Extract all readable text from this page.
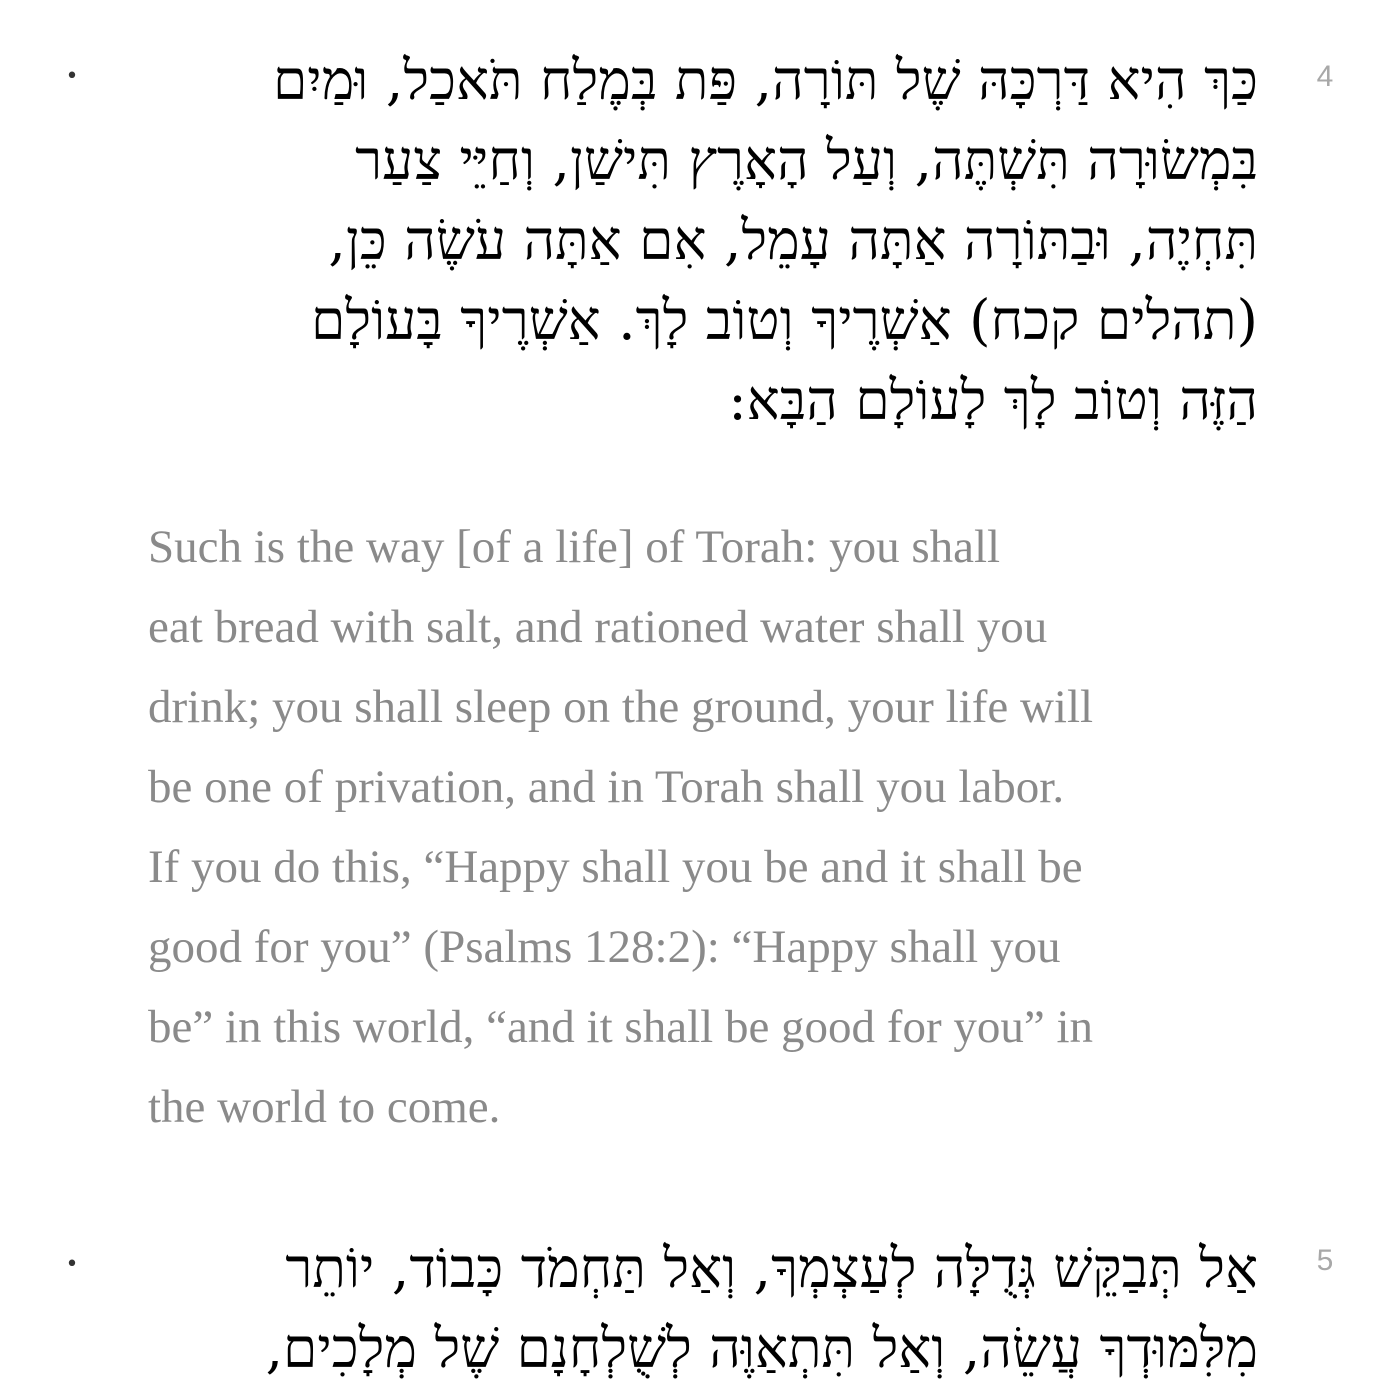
•	4
כַּךְ הִיא דַּרְכָּהּ שֶׁל תּוֹרָה, פַּת בְּמֶלַח תֹּאכַל, וּמַיִם
בִּמְשׂוּרָה תִּשְׁתֶּה, וְעַל הָאָרֶץ תִּישַׁן, וְחַיֵּי צַעַר
תִּחְיֶה, וּבַתּוֹרָה אַתָּה עָמֵל, אִם אַתָּה עֹשֶׂה כֵּן,
(תהלים קכח) אַשְׁרֶיךָ וְטוֹב לָךְ. אַשְׁרֶיךָ בָּעוֹלָם
הַזֶּה וְטוֹב לָךְ לָעוֹלָם הַבָּא:
Such is the way [of a life] of Torah: you shall
eat bread with salt, and rationed water shall you
drink; you shall sleep on the ground, your life will
be one of privation, and in Torah shall you labor.
If you do this, “Happy shall you be and it shall be
good for you” (Psalms 128:2): “Happy shall you
be” in this world, “and it shall be good for you” in
the world to come.
•	5
אַל תְּבַקֵּשׁ גְּדֻלָּה לְעַצְמְךָ, וְאַל תַּחְמֹד כָּבוֹד, יוֹתֵר
מִלִּמּוּדְךָ עֲשֵׂה, וְאַל תִּתְאַוֶּה לְשֻׁלְחָנָם שֶׁל מְלָכִים,
